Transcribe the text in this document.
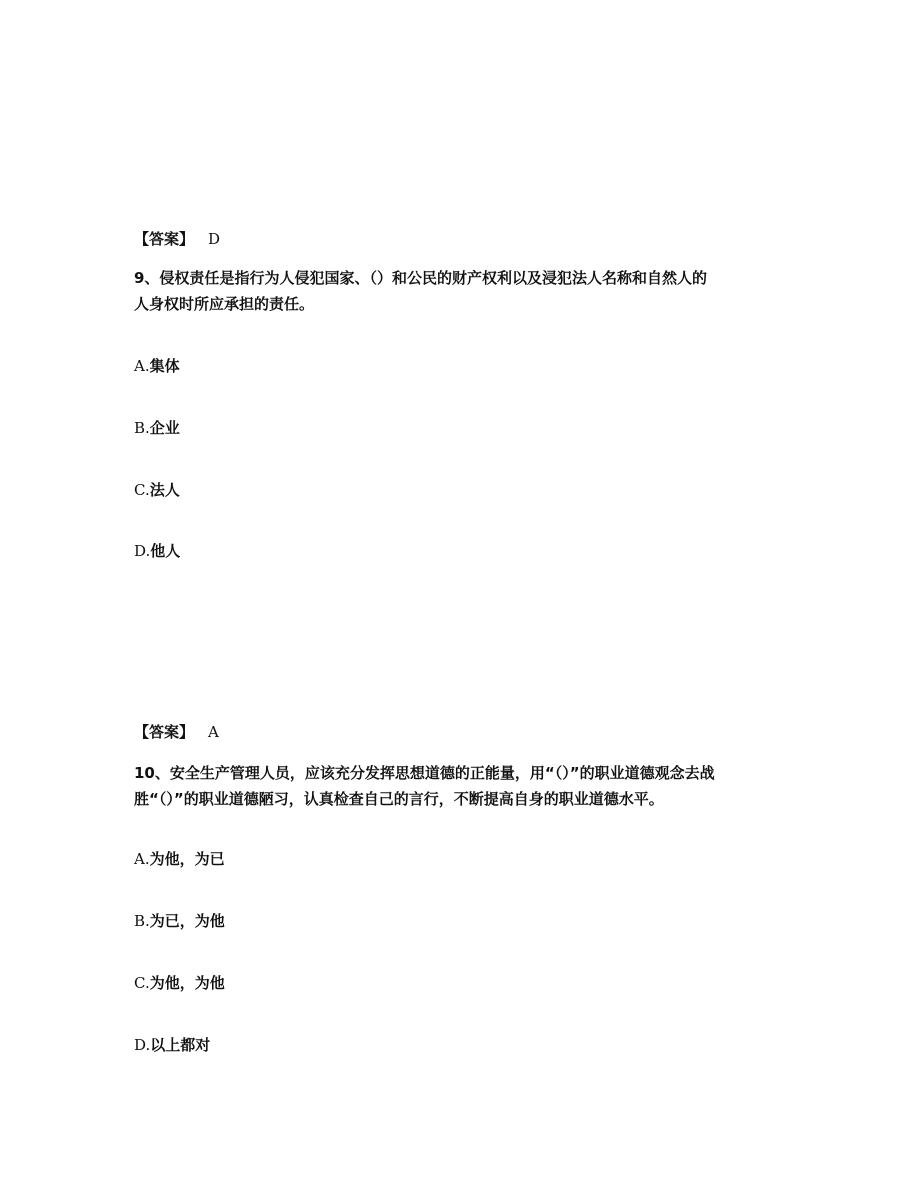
【答案】 D
9、侵权责任是指行为人侵犯国家、（）和公民的财产权利以及浸犯法人名称和自然人的
人身权时所应承担的责任。
A.集体
B.企业
C.法人
D.他人
【答案】 A
10、安全生产管理人员，应该充分发挥思想道德的正能量，用“（）”的职业道德观念去战
胜“（）”的职业道德陋习，认真检查自己的言行，不断提高自身的职业道德水平。
A.为他，为已
B.为已，为他
C.为他，为他
D.以上都对
